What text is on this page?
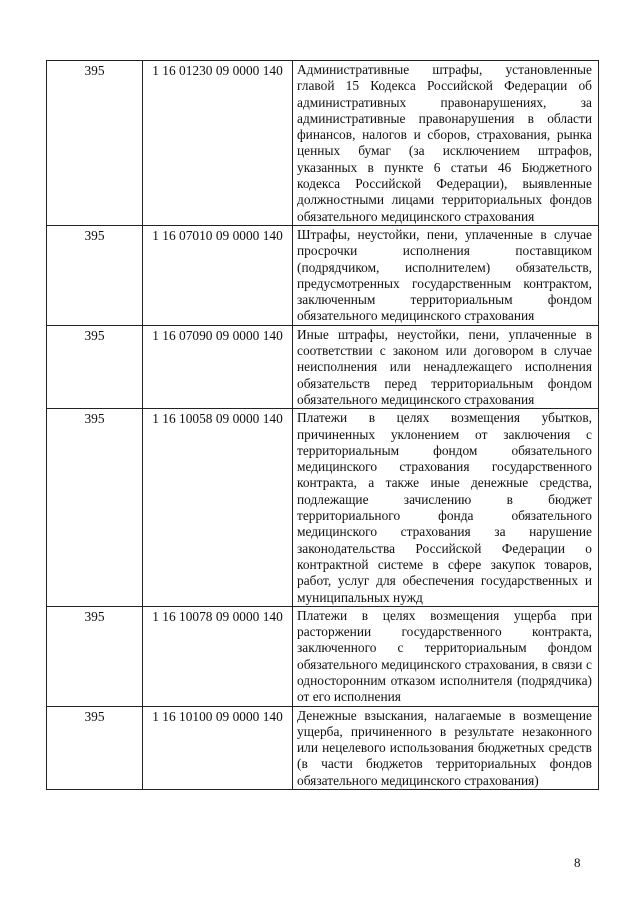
395	1 16 01230 09 0000 140	Административные штрафы, установленные главой 15 Кодекса Российской Федерации об административных правонарушениях, за административные правонарушения в области финансов, налогов и сборов, страхования, рынка ценных бумаг (за исключением штрафов, указанных в пункте 6 статьи 46 Бюджетного кодекса Российской Федерации), выявленные должностными лицами территориальных фондов обязательного медицинского страхования
395	1 16 07010 09 0000 140	Штрафы, неустойки, пени, уплаченные в случае просрочки исполнения поставщиком (подрядчиком, исполнителем) обязательств, предусмотренных государственным контрактом, заключенным территориальным фондом обязательного медицинского страхования
395	1 16 07090 09 0000 140	Иные штрафы, неустойки, пени, уплаченные в соответствии с законом или договором в случае неисполнения или ненадлежащего исполнения обязательств перед территориальным фондом обязательного медицинского страхования
395	1 16 10058 09 0000 140	Платежи в целях возмещения убытков, причиненных уклонением от заключения с территориальным фондом обязательного медицинского страхования государственного контракта, а также иные денежные средства, подлежащие зачислению в бюджет территориального фонда обязательного медицинского страхования за нарушение законодательства Российской Федерации о контрактной системе в сфере закупок товаров, работ, услуг для обеспечения государственных и муниципальных нужд
395	1 16 10078 09 0000 140	Платежи в целях возмещения ущерба при расторжении государственного контракта, заключенного с территориальным фондом обязательного медицинского страхования, в связи с односторонним отказом исполнителя (подрядчика) от его исполнения
395	1 16 10100 09 0000 140	Денежные взыскания, налагаемые в возмещение ущерба, причиненного в результате незаконного или нецелевого использования бюджетных средств (в части бюджетов территориальных фондов обязательного медицинского страхования)
8
